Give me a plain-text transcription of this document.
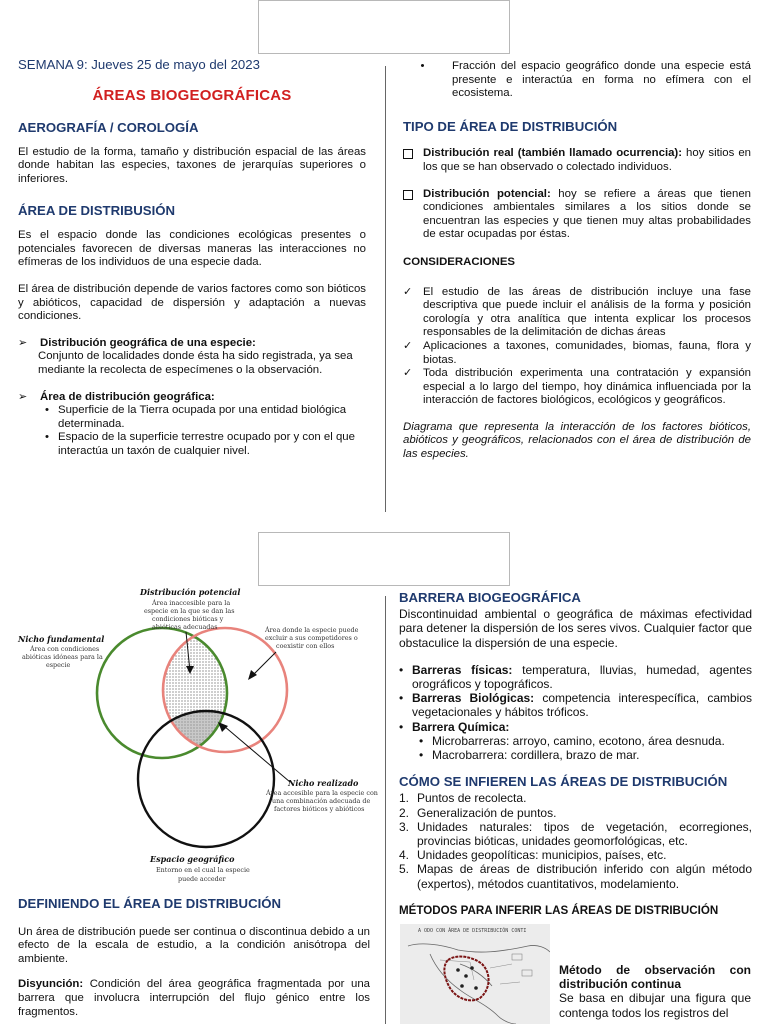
SEMANA 9: Jueves 25 de mayo del 2023
ÁREAS BIOGEOGRÁFICAS
AEROGRAFÍA / COROLOGÍA

El estudio de la forma, tamaño y distribución espacial de las áreas donde habitan las especies, taxones de jerarquías superiores o inferiores.

ÁREA DE DISTRIBUSIÓN

Es el espacio donde las condiciones ecológicas presentes o potenciales favorecen de diversas maneras las interacciones no efímeras de los individuos de una especie dada.

El área de distribución depende de varios factores como son bióticos y abióticos, capacidad de dispersión y adaptación a nuevas condiciones.

➢	Distribución geográfica de una especie:

Conjunto de localidades donde ésta ha sido registrada, ya sea mediante la recolecta de especímenes o la observación.

➢	Área de distribución geográfica:
• Superficie de la Tierra ocupada por una entidad biológica determinada.
• Espacio de la superficie terrestre ocupado por y con el que interactúa un taxón de cualquier nivel.
•	Fracción del espacio geográfico donde una especie está presente e interactúa en forma no efímera con el ecosistema.
TIPO DE ÁREA DE DISTRIBUCIÓN

Distribución real (también llamado ocurrencia): hoy sitios en los que se han observado o colectado individuos.

Distribución potencial: hoy se refiere a áreas que tienen condiciones ambientales similares a los sitios donde se encuentran las especies y que tienen muy altas probabilidades de estar ocupadas por éstas.

CONSIDERACIONES
✓ El estudio de las áreas de distribución incluye una fase descriptiva que puede incluir el análisis de la forma y posición corología y otra analítica que intenta explicar los procesos responsables de la delimitación de dichas áreas

✓ Aplicaciones a taxones, comunidades, biomas, fauna, flora y biotas.

✓ Toda distribución experimenta una contratación y expansión especial a lo largo del tiempo, hoy dinámica influenciada por la interacción de factores biológicos, ecológicos y geográficos.

Diagrama que representa la interacción de los factores bióticos, abióticos y geográficos, relacionados con el área de distribución de las especies.

Distribución potencial
Área inaccesible para la especie en la que se dan las condiciones bióticas y abióticas adecuadas
Nicho fundamental
Área con condiciones abióticas idóneas para la especie
Área donde la especie puede excluir a sus competidores o coexistir con ellos
Nicho realizado
Área accesible para la especie con una combinación adecuada de factores bióticos y abióticos
Espacio geográfico
Entorno en el cual la especie puede acceder
DEFINIENDO EL ÁREA DE DISTRIBUCIÓN

Un área de distribución puede ser continua o discontinua debido a un efecto de la escala de estudio, a la condición anisótropa del ambiente.

Disyunción: Condición del área geográfica fragmentada por una barrera que involucra interrupción del flujo génico entre los fragmentos.

BARRERA BIOGEOGRÁFICA

Discontinuidad ambiental o geográfica de máximas efectividad para detener la dispersión de los seres vivos. Cualquier factor que obstaculice la dispersión de una especie.

• Barreras físicas: temperatura, lluvias, humedad, agentes orográficos y topográficos.

• Barreras Biológicas: competencia interespecífica, cambios vegetacionales y hábitos tróficos.

• Barrera Química:

• Microbarreras: arroyo, camino, ecotono, área desnuda.
• Macrobarrera: cordillera, brazo de mar.
CÓMO SE INFIEREN LAS ÁREAS DE DISTRIBUCIÓN
1. Puntos de recolecta.

2. Generalización de puntos.

3. Unidades naturales: tipos de vegetación, ecorregiones, provincias bióticas, unidades geomorfológicas, etc.

4. Unidades geopolíticas: municipios, países, etc.

5. Mapas de áreas de distribución inferido con algún método (expertos), métodos cuantitativos, modelamiento.

MÉTODOS PARA INFERIR LAS ÁREAS DE DISTRIBUCIÓN
A ODO CON ÁREA DE DISTRIBUCIÓN CONTI

Método de observación con distribución continua

Se basa en dibujar una figura que contenga todos los registros del
